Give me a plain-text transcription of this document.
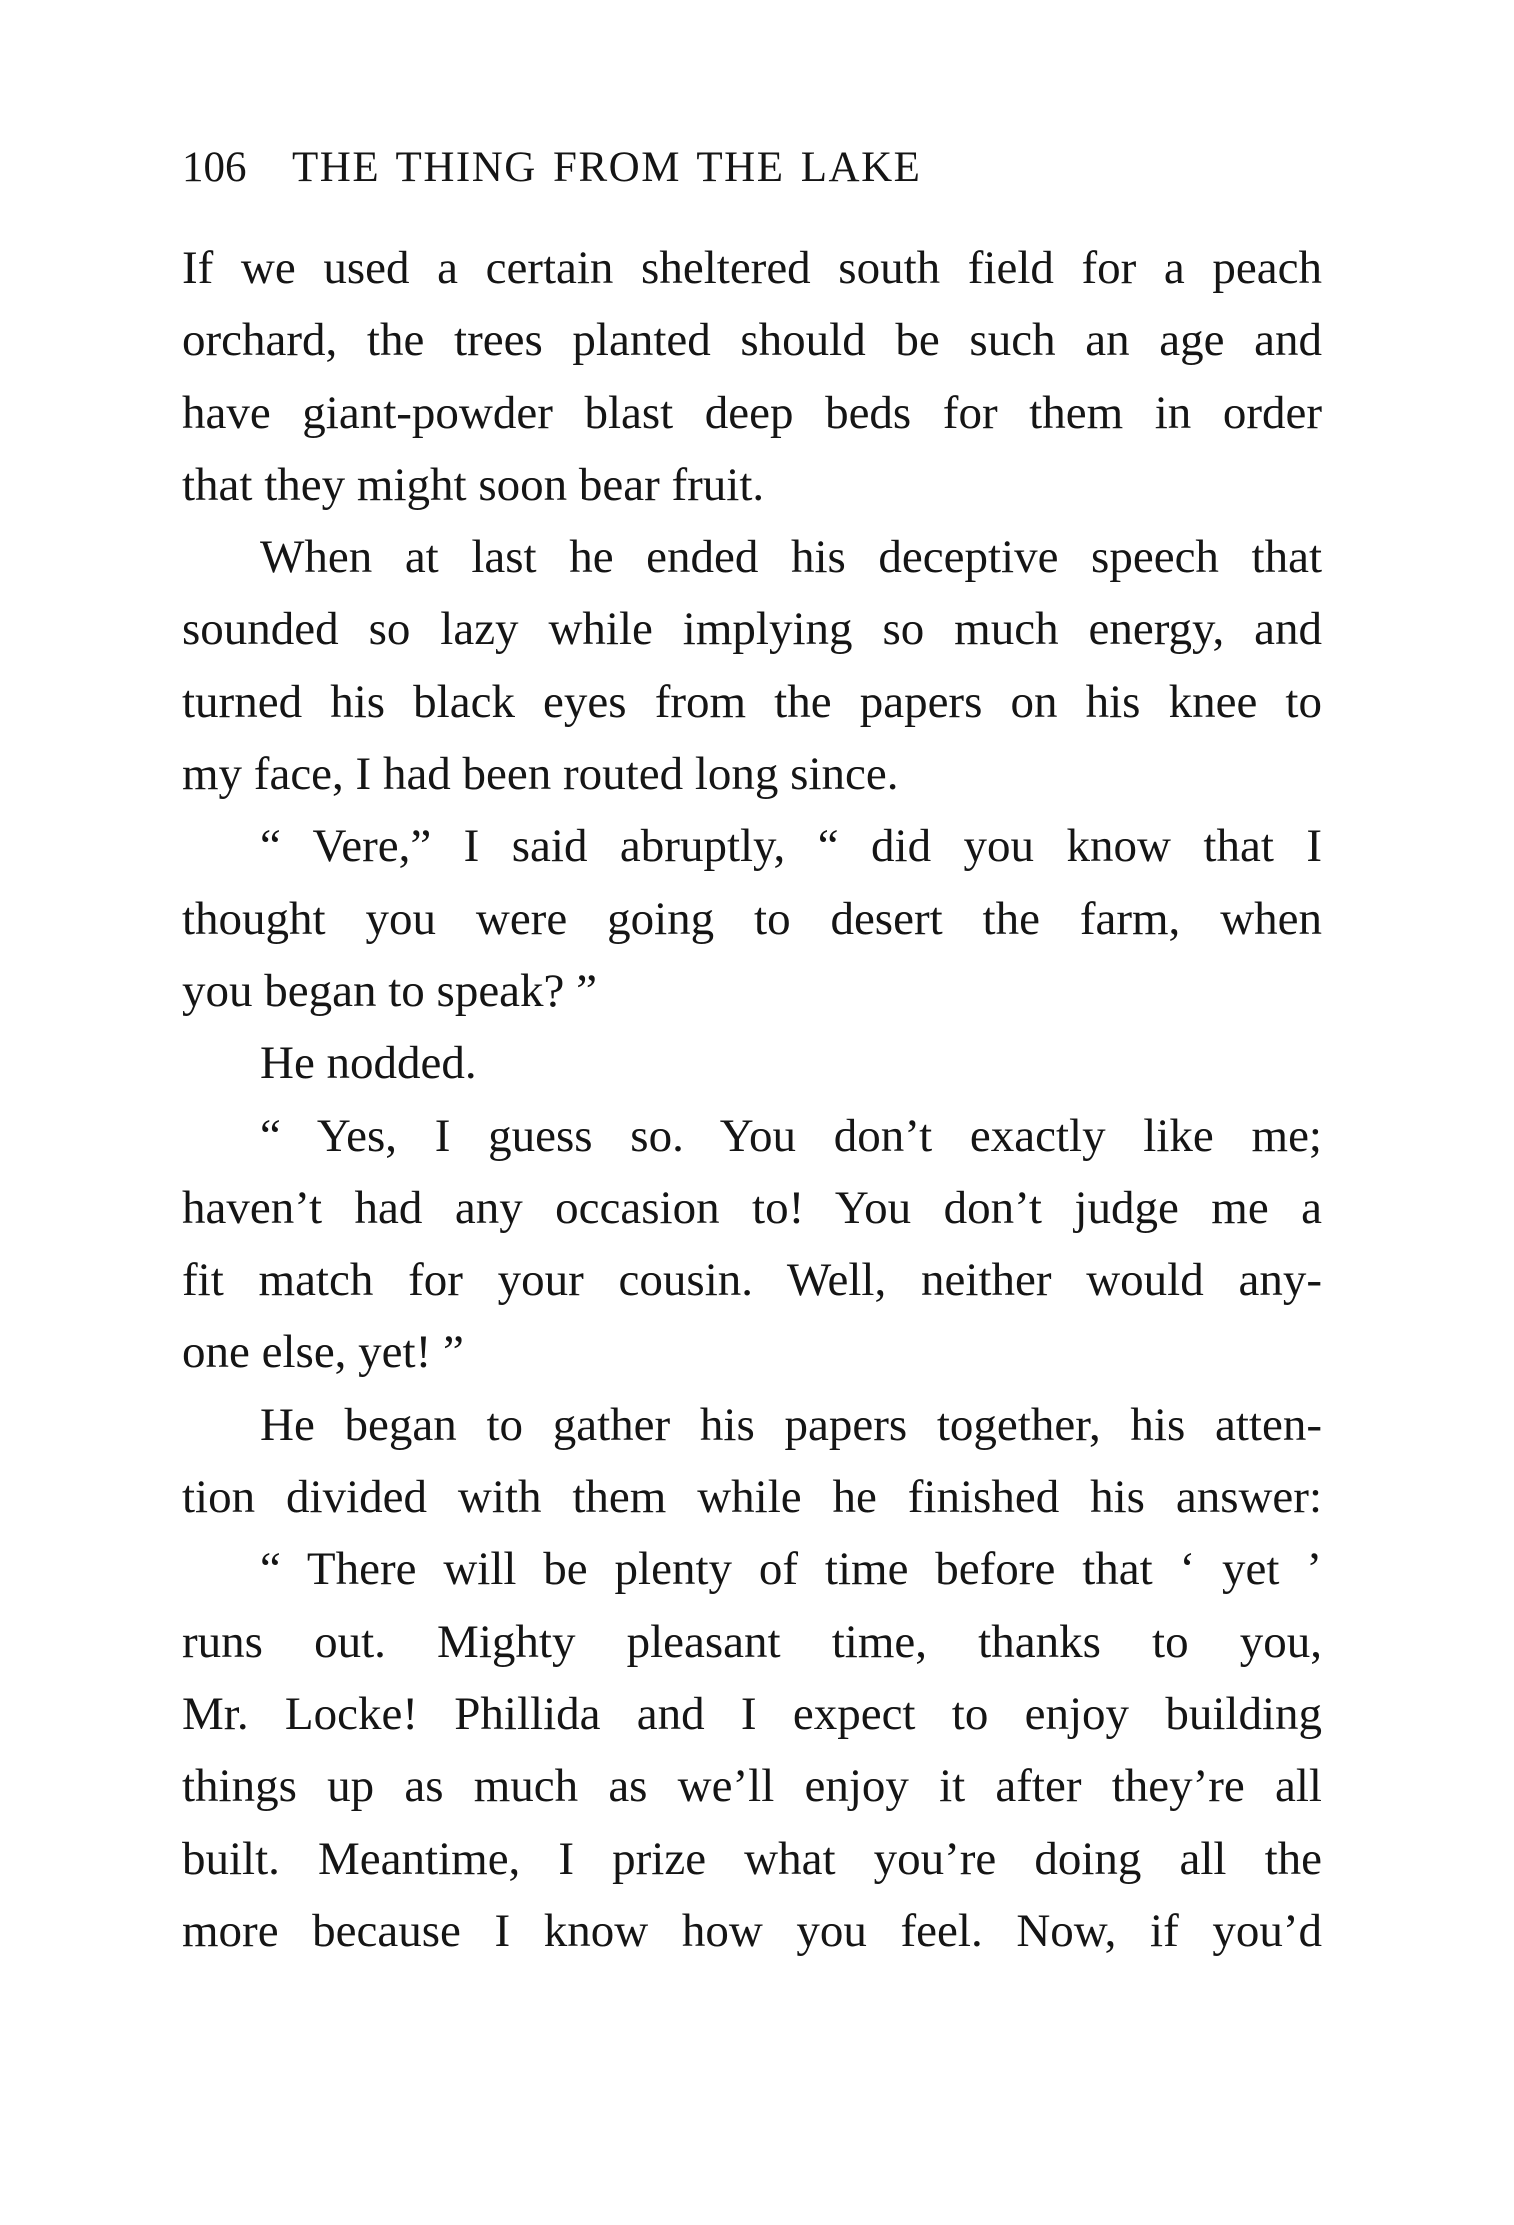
106 THE THING FROM THE LAKE
If we used a certain sheltered south field for a peach
orchard, the trees planted should be such an age and
have giant-powder blast deep beds for them in order
that they might soon bear fruit.
When at last he ended his deceptive speech that
sounded so lazy while implying so much energy, and
turned his black eyes from the papers on his knee to
my face, I had been routed long since.
“ Vere,” I said abruptly, “ did you know that I
thought you were going to desert the farm, when
you began to speak? ”
He nodded.
“ Yes, I guess so. You don’t exactly like me;
haven’t had any occasion to! You don’t judge me a
fit match for your cousin. Well, neither would any-
one else, yet! ”
He began to gather his papers together, his atten-
tion divided with them while he finished his answer:
“ There will be plenty of time before that ‘ yet ’
runs out. Mighty pleasant time, thanks to you,
Mr. Locke! Phillida and I expect to enjoy building
things up as much as we’ll enjoy it after they’re all
built. Meantime, I prize what you’re doing all the
more because I know how you feel. Now, if you’d
